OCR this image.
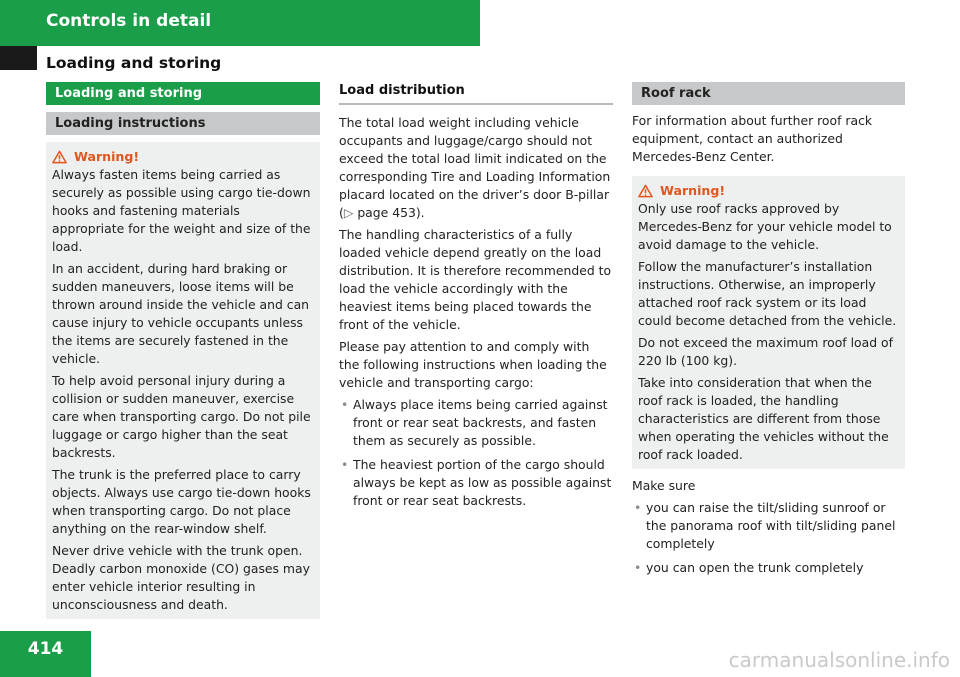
Controls in detail
Loading and storing
Loading and storing
Loading instructions
Warning!

Always fasten items being carried as securely as possible using cargo tie-down hooks and fastening materials appropriate for the weight and size of the load.

In an accident, during hard braking or sudden maneuvers, loose items will be thrown around inside the vehicle and can cause injury to vehicle occupants unless the items are securely fastened in the vehicle.

To help avoid personal injury during a collision or sudden maneuver, exercise care when transporting cargo. Do not pile luggage or cargo higher than the seat backrests.

The trunk is the preferred place to carry objects. Always use cargo tie-down hooks when transporting cargo. Do not place anything on the rear-window shelf.

Never drive vehicle with the trunk open. Deadly carbon monoxide (CO) gases may enter vehicle interior resulting in unconsciousness and death.

Load distribution

The total load weight including vehicle occupants and luggage/cargo should not exceed the total load limit indicated on the corresponding Tire and Loading Information placard located on the driver’s door B-pillar (▷ page 453).

The handling characteristics of a fully loaded vehicle depend greatly on the load distribution. It is therefore recommended to load the vehicle accordingly with the heaviest items being placed towards the front of the vehicle.

Please pay attention to and comply with the following instructions when loading the vehicle and transporting cargo:

• Always place items being carried against front or rear seat backrests, and fasten them as securely as possible.
• The heaviest portion of the cargo should always be kept as low as possible against front or rear seat backrests.
Roof rack

For information about further roof rack equipment, contact an authorized Mercedes-Benz Center.

Warning!

Only use roof racks approved by Mercedes-Benz for your vehicle model to avoid damage to the vehicle.

Follow the manufacturer’s installation instructions. Otherwise, an improperly attached roof rack system or its load could become detached from the vehicle.

Do not exceed the maximum roof load of 220 lb (100 kg).

Take into consideration that when the roof rack is loaded, the handling characteristics are different from those when operating the vehicles without the roof rack loaded.

Make sure

• you can raise the tilt/sliding sunroof or the panorama roof with tilt/sliding panel completely
• you can open the trunk completely
414	carmanualsonline.info
